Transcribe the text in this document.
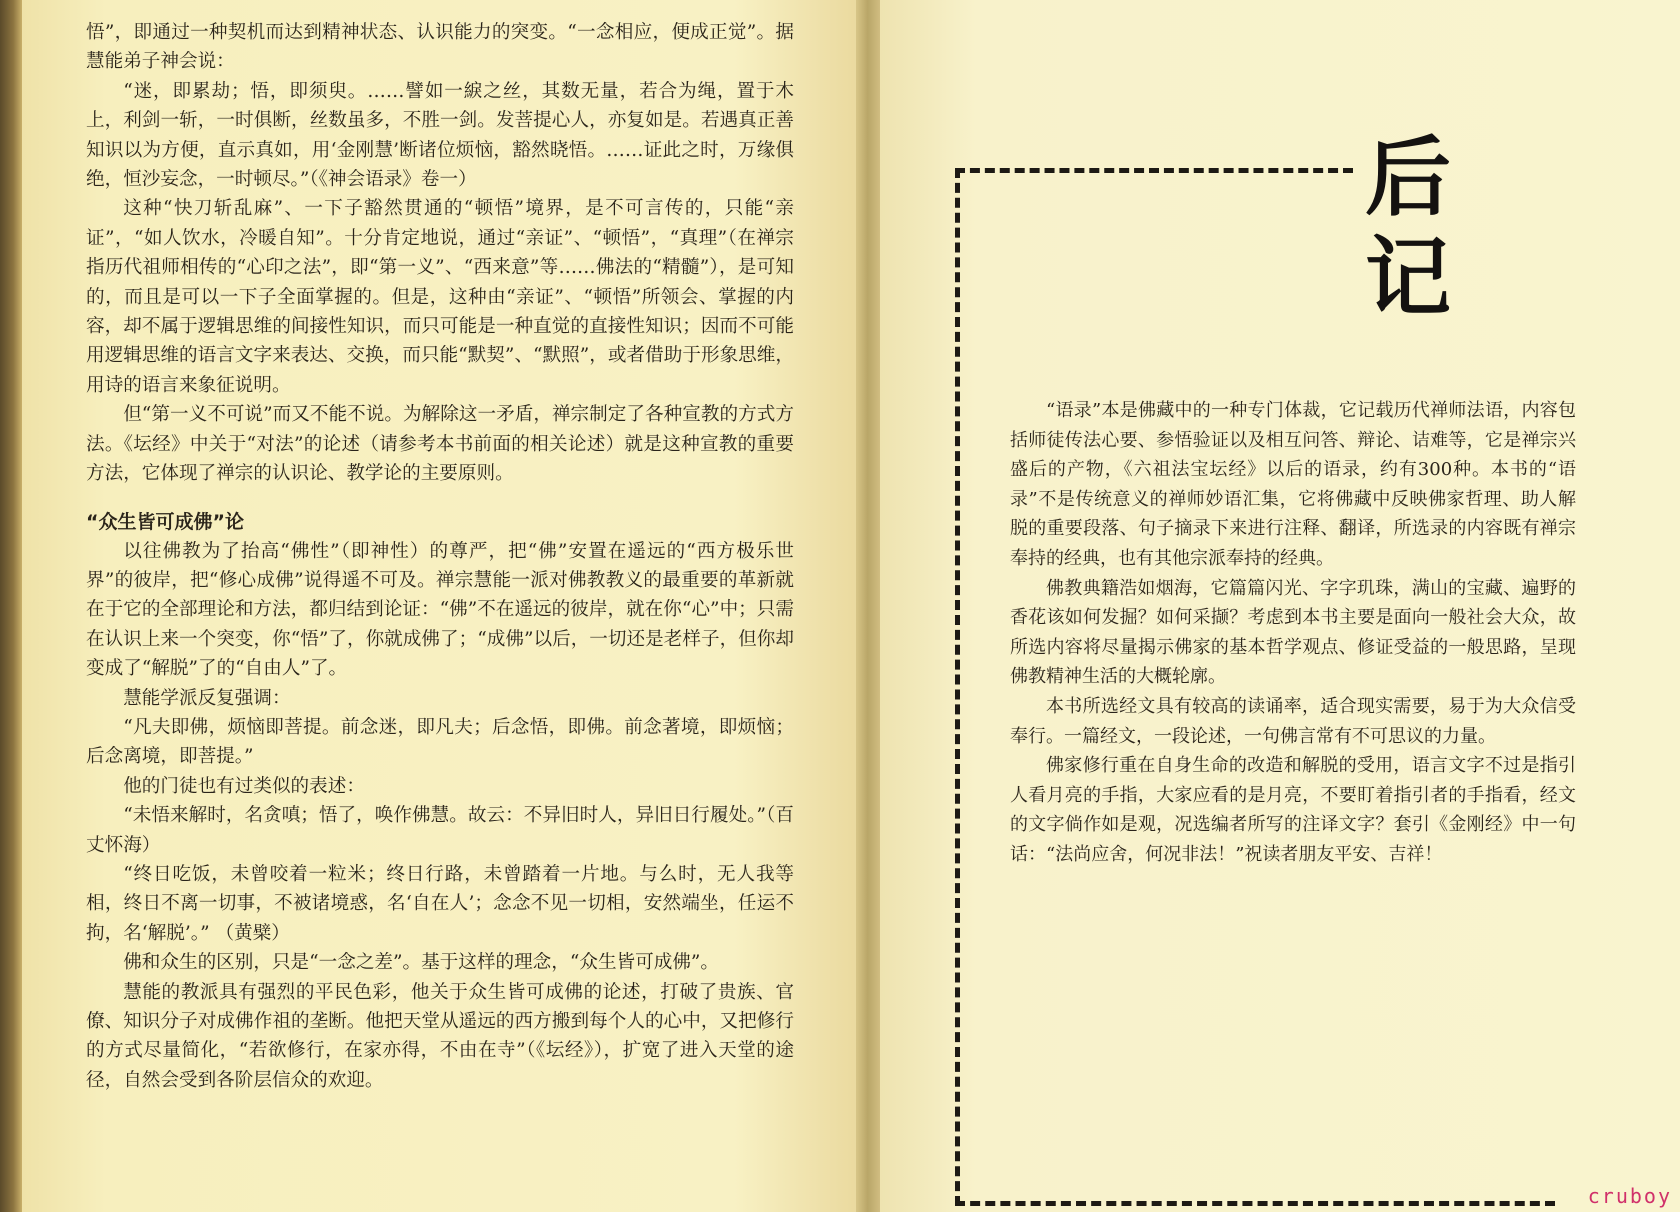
悟”，即通过一种契机而达到精神状态、认识能力的突变。“一念相应，便成正觉”。据慧能弟子神会说：

“迷，即累劫；悟，即须臾。……譬如一綟之丝，其数无量，若合为绳，置于木上，利剑一斩，一时俱断，丝数虽多，不胜一剑。发菩提心人，亦复如是。若遇真正善知识以为方便，直示真如，用‘金刚慧’断诸位烦恼，豁然晓悟。……证此之时，万缘俱绝，恒沙妄念，一时顿尽。”（《神会语录》卷一）

这种“快刀斩乱麻”、一下子豁然贯通的“顿悟”境界，是不可言传的，只能“亲证”，“如人饮水，冷暖自知”。十分肯定地说，通过“亲证”、“顿悟”，“真理”（在禅宗指历代祖师相传的“心印之法”，即“第一义”、“西来意”等……佛法的“精髓”），是可知的，而且是可以一下子全面掌握的。但是，这种由“亲证”、“顿悟”所领会、掌握的内容，却不属于逻辑思维的间接性知识，而只可能是一种直觉的直接性知识；因而不可能用逻辑思维的语言文字来表达、交换，而只能“默契”、“默照”，或者借助于形象思维，用诗的语言来象征说明。

但“第一义不可说”而又不能不说。为解除这一矛盾，禅宗制定了各种宣教的方式方法。《坛经》中关于“对法”的论述（请参考本书前面的相关论述）就是这种宣教的重要方法，它体现了禅宗的认识论、教学论的主要原则。

“众生皆可成佛”论

以往佛教为了抬高“佛性”（即神性）的尊严，把“佛”安置在遥远的“西方极乐世界”的彼岸，把“修心成佛”说得遥不可及。禅宗慧能一派对佛教教义的最重要的革新就在于它的全部理论和方法，都归结到论证：“佛”不在遥远的彼岸，就在你“心”中；只需在认识上来一个突变，你“悟”了，你就成佛了；“成佛”以后，一切还是老样子，但你却变成了“解脱”了的“自由人”了。

慧能学派反复强调：

“凡夫即佛，烦恼即菩提。前念迷，即凡夫；后念悟，即佛。前念著境，即烦恼；后念离境，即菩提。”

他的门徒也有过类似的表述：

“未悟来解时，名贪嗔；悟了，唤作佛慧。故云：不异旧时人，异旧日行履处。”（百丈怀海）

“终日吃饭，未曾咬着一粒米；终日行路，未曾踏着一片地。与么时，无人我等相，终日不离一切事，不被诸境惑，名‘自在人’；念念不见一切相，安然端坐，任运不拘，名‘解脱’。” （黄檗）

佛和众生的区别，只是“一念之差”。基于这样的理念，“众生皆可成佛”。

慧能的教派具有强烈的平民色彩，他关于众生皆可成佛的论述，打破了贵族、官僚、知识分子对成佛作祖的垄断。他把天堂从遥远的西方搬到每个人的心中，又把修行的方式尽量简化，“若欲修行，在家亦得，不由在寺”（《坛经》），扩宽了进入天堂的途径，自然会受到各阶层信众的欢迎。

后 记

“语录”本是佛藏中的一种专门体裁，它记载历代禅师法语，内容包括师徒传法心要、参悟验证以及相互问答、辩论、诘难等，它是禅宗兴盛后的产物，《六祖法宝坛经》以后的语录，约有300种。本书的“语录”不是传统意义的禅师妙语汇集，它将佛藏中反映佛家哲理、助人解脱的重要段落、句子摘录下来进行注释、翻译，所选录的内容既有禅宗奉持的经典，也有其他宗派奉持的经典。

佛教典籍浩如烟海，它篇篇闪光、字字玑珠，满山的宝藏、遍野的香花该如何发掘？如何采撷？考虑到本书主要是面向一般社会大众，故所选内容将尽量揭示佛家的基本哲学观点、修证受益的一般思路，呈现佛教精神生活的大概轮廓。

本书所选经文具有较高的读诵率，适合现实需要，易于为大众信受奉行。一篇经文，一段论述，一句佛言常有不可思议的力量。

佛家修行重在自身生命的改造和解脱的受用，语言文字不过是指引人看月亮的手指，大家应看的是月亮，不要盯着指引者的手指看，经文的文字倘作如是观，况选编者所写的注译文字？套引《金刚经》中一句话：“法尚应舍，何况非法！”祝读者朋友平安、吉祥！

cruboy
